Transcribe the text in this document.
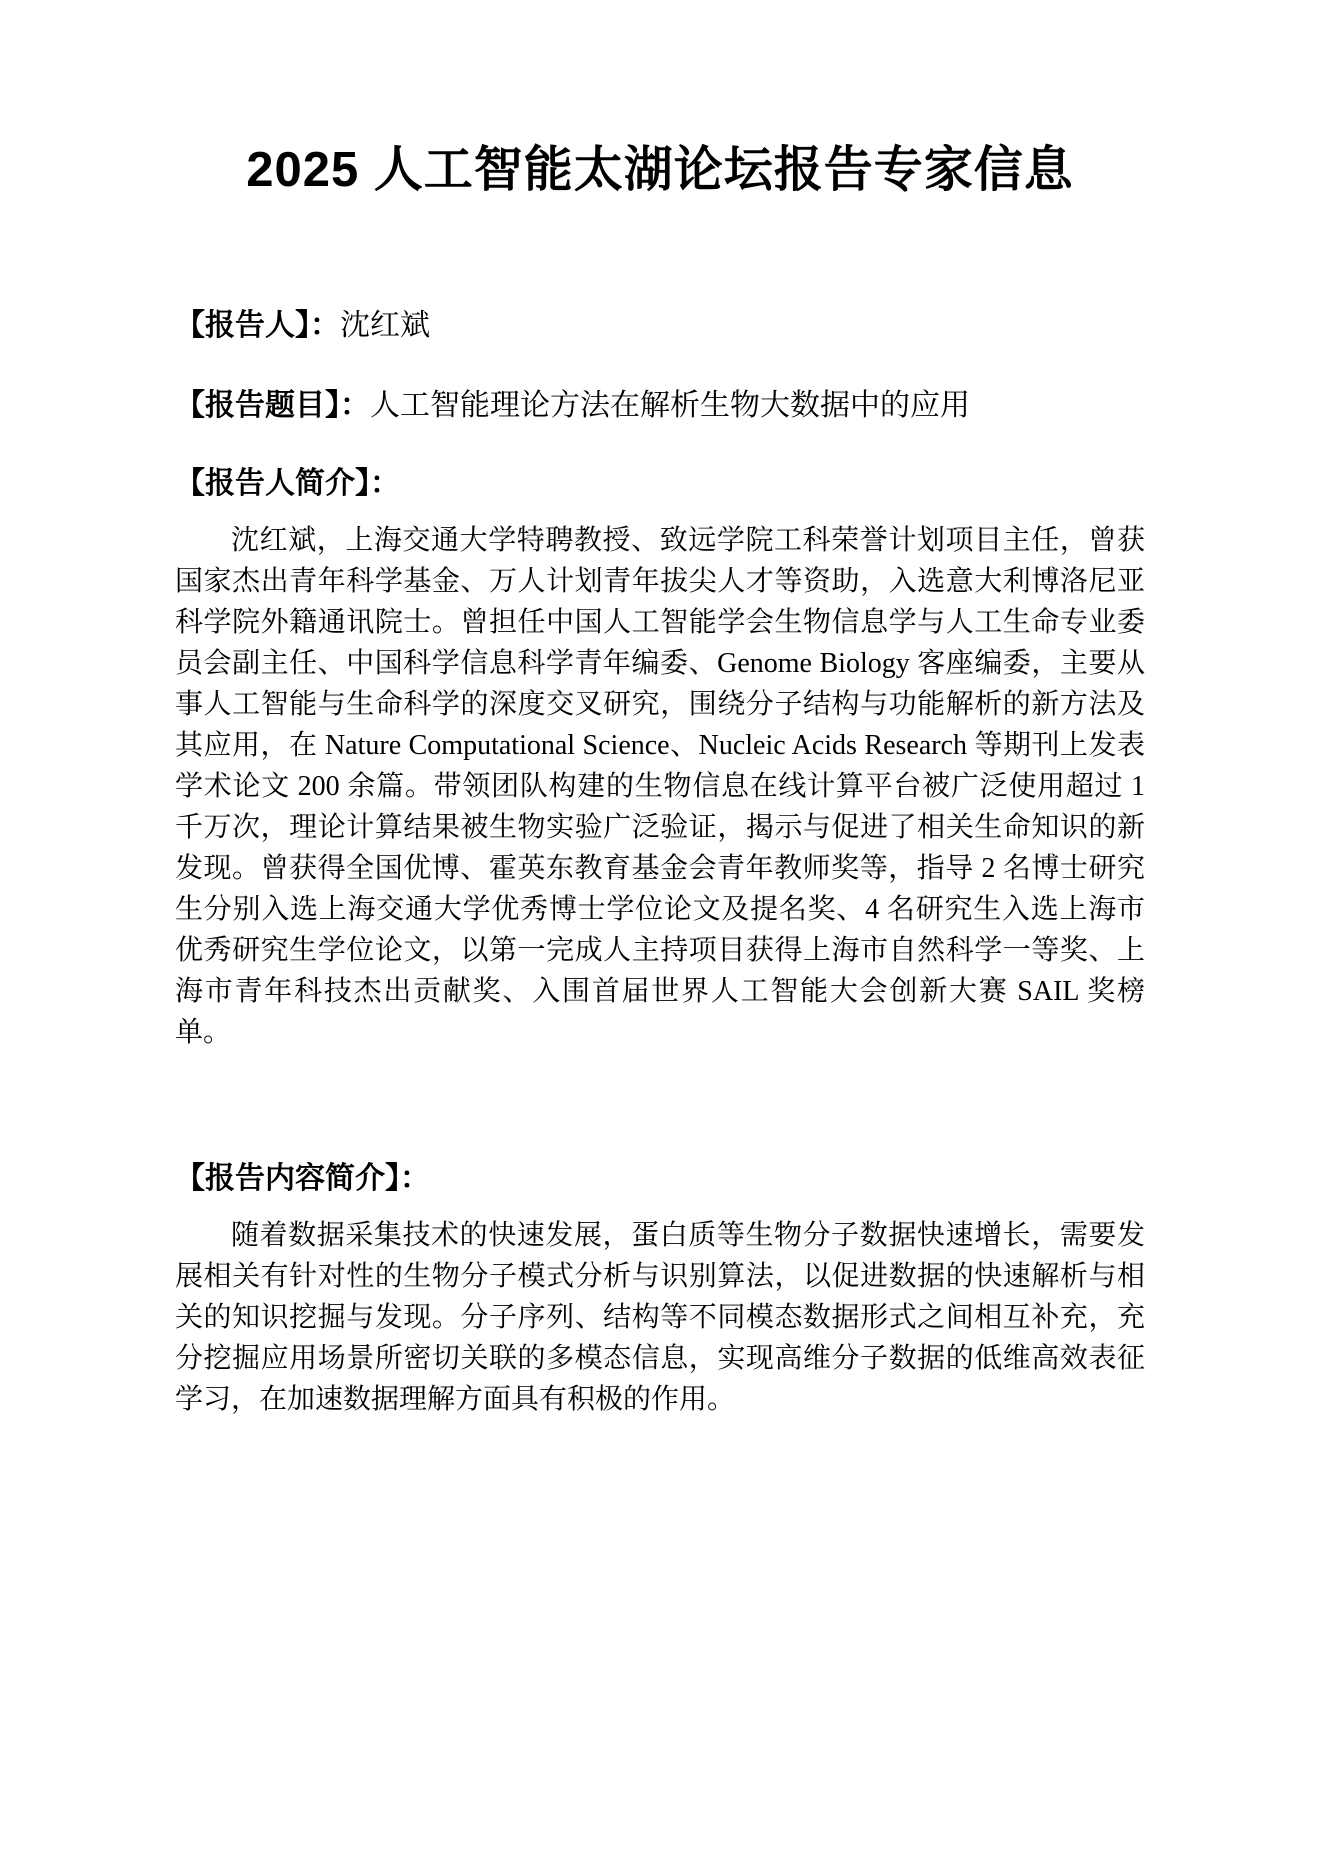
2025 人工智能太湖论坛报告专家信息
【报告人】：沈红斌
【报告题目】：人工智能理论方法在解析生物大数据中的应用
【报告人简介】：

沈红斌，上海交通大学特聘教授、致远学院工科荣誉计划项目主任，曾获国家杰出青年科学基金、万人计划青年拔尖人才等资助，入选意大利博洛尼亚科学院外籍通讯院士。曾担任中国人工智能学会生物信息学与人工生命专业委员会副主任、中国科学信息科学青年编委、Genome Biology 客座编委，主要从事人工智能与生命科学的深度交叉研究，围绕分子结构与功能解析的新方法及其应用，在 Nature Computational Science、Nucleic Acids Research 等期刊上发表学术论文 200 余篇。带领团队构建的生物信息在线计算平台被广泛使用超过 1 千万次，理论计算结果被生物实验广泛验证，揭示与促进了相关生命知识的新发现。曾获得全国优博、霍英东教育基金会青年教师奖等，指导 2 名博士研究生分别入选上海交通大学优秀博士学位论文及提名奖、4 名研究生入选上海市优秀研究生学位论文，以第一完成人主持项目获得上海市自然科学一等奖、上海市青年科技杰出贡献奖、入围首届世界人工智能大会创新大赛 SAIL 奖榜单。

【报告内容简介】：

随着数据采集技术的快速发展，蛋白质等生物分子数据快速增长，需要发展相关有针对性的生物分子模式分析与识别算法，以促进数据的快速解析与相关的知识挖掘与发现。分子序列、结构等不同模态数据形式之间相互补充，充分挖掘应用场景所密切关联的多模态信息，实现高维分子数据的低维高效表征学习，在加速数据理解方面具有积极的作用。
